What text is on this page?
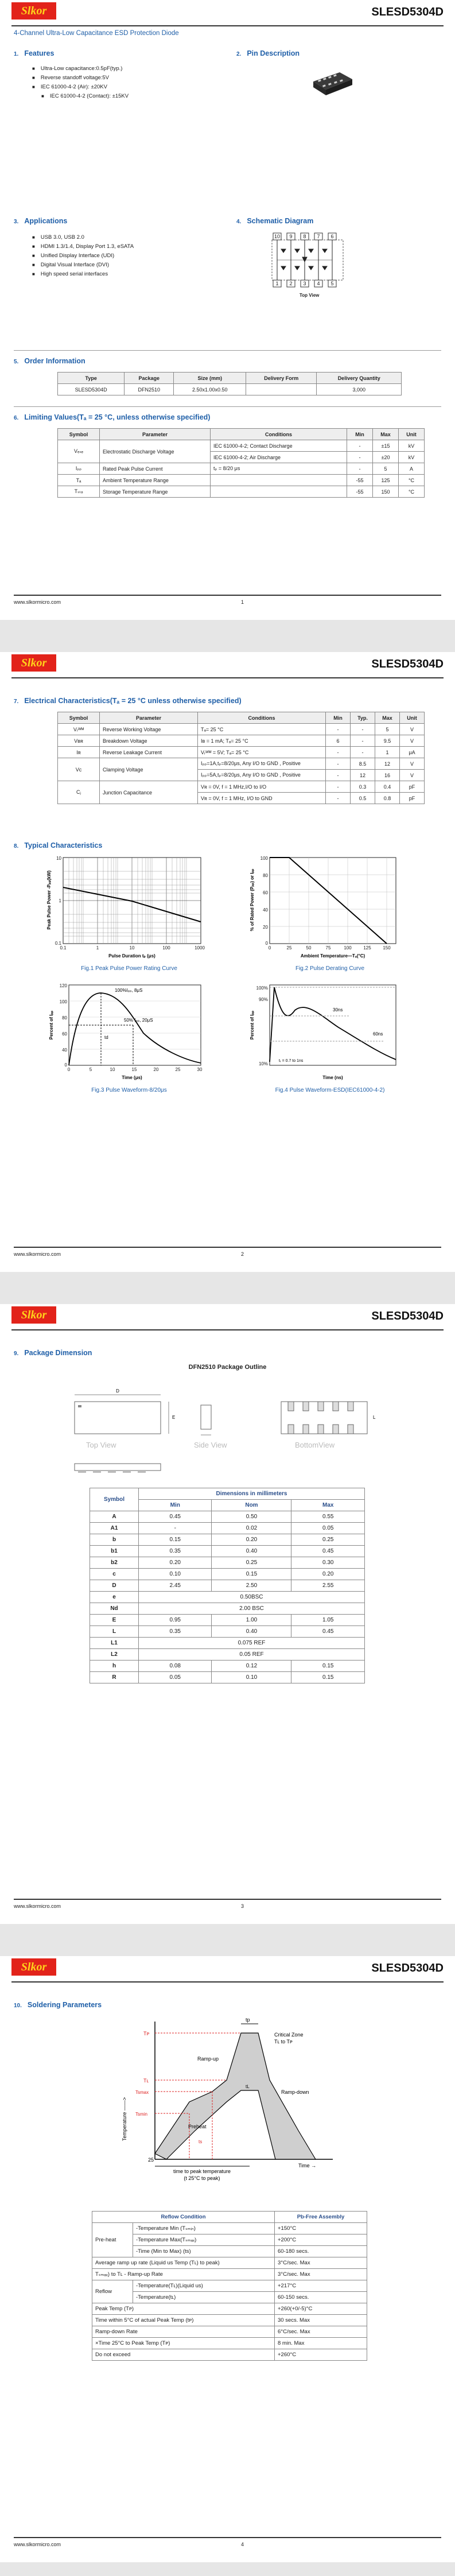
Slkor	SLESD5304D
4-Channel Ultra-Low Capacitance ESD Protection Diode
1. Features
■ Ultra-Low capacitance:0.5pF(typ.)
■ Reverse standoff voltage:5V
■ IEC 61000-4-2 (Air): ±20KV
■ IEC 61000-4-2 (Contact): ±15KV
2. Pin Description
3. Applications
■ USB 3.0, USB 2.0
■ HDMI 1.3/1.4, Display Port 1.3, eSATA
■ Unified Display Interface (UDI)
■ Digital Visual Interface (DVI)
■ High speed serial interfaces
4. Schematic Diagram
10 9 8 7 6
1 2 3 4 5
Top View
5. Order Information
Type	Package	Size (mm)	Delivery Form	Delivery Quantity
SLESD5304D	DFN2510	2.50x1.00x0.50		3,000
6. Limiting Values(Tₐ = 25 °C, unless otherwise specified)
Symbol	Parameter	Conditions	Min	Max	Unit
Vₑₛₑ	Electrostatic Discharge Voltage	IEC 61000-4-2; Contact Discharge	-	±15	kV
		IEC 61000-4-2; Air Discharge	-	±20	kV
Iₚₚ	Rated Peak Pulse Current	tₚ = 8/20 μs	-	5	A
Tₐ	Ambient Temperature Range		-55	125	°C
Tₛₜₔ	Storage Temperature Range		-55	150	°C
www.slkormicro.com	1
Slkor	SLESD5304D
7. Electrical Characteristics(Tₐ = 25 °C unless otherwise specified)
Symbol	Parameter	Conditions	Min	Typ.	Max	Unit
Vᵣᵂᴹ	Reverse Working Voltage	Tₐ= 25 °C	-	-	5	V
Vʙʀ	Breakdown Voltage	Iʙ = 1 mA; Tₐ= 25 °C	6	-	9.5	V
Iʀ	Reverse Leakage Current	Vᵣᵂᴹ = 5V; Tₐ= 25 °C	-	-	1	μA
Vᴄ	Clamping Voltage	Iₚₚ=1A,tₚ=8/20μs, Any I/O to GND , Positive	-	8.5	12	V
		Iₚₚ=5A,tₚ=8/20μs, Any I/O to GND , Positive	-	12	16	V
Cⱼ	Junction Capacitance	Vʀ = 0V, f = 1 MHz,I/O to I/O	-	0.3	0.4	pF
		Vʀ = 0V, f = 1 MHz, I/O to GND	-	0.5	0.8	pF
8. Typical Characteristics
0.1	1	10	100	1000
10
1
0.1
Pulse Duration tₚ (μs)
Peak Pulse Power -Pₚₚ(kW)
Fig.1 Peak Pulse Power Rating Curve
100
80
60
40
20
0
0	25	50	75	100	125	150
Ambient Temperature—Tₐ(°C)
% of Rated Power (Pₚₚ) or Iₚₚ
Fig.2 Pulse Derating Curve
100%Iₚₚ, 8μS
50% Iₚₚ, 20μS
td
120
100
80
60
40
0
0	5	10	15	20	25	30
Time (μs)
Percent of Iₚₚ
Fig.3 Pulse Waveform-8/20μs
30ns
60ns
tᵣ = 0.7 to 1ns
100%
90%
10%
Time (ns)
Percent of Iₚₚ
Fig.4 Pulse Waveform-ESD(IEC61000-4-2)
www.slkormicro.com	2
Slkor	SLESD5304D
9. Package Dimension
DFN2510 Package Outline
D
E	L
Top View	Side View	BottomView
Symbol	Dimensions in millimeters		
	Min	Nom	Max
A	0.45	0.50	0.55
A1	-	0.02	0.05
b	0.15	0.20	0.25
b1	0.35	0.40	0.45
b2	0.20	0.25	0.30
c	0.10	0.15	0.20
D	2.45	2.50	2.55
e	0.50BSC		
Nd	2.00 BSC		
E	0.95	1.00	1.05
L	0.35	0.40	0.45
L1	0.075 REF		
L2	0.05 REF		
h	0.08	0.12	0.15
R	0.05	0.10	0.15
www.slkormicro.com	3
Slkor	SLESD5304D
10. Soldering Parameters
tp
Tᴘ
Tʟ
Tsmax
Tsmin
Ramp-up
Ramp-down
Preheat
ts
tL
Critical Zone
Tʟ to Tᴘ
25
time to peak temperature
(t 25°C to peak)
Time →
Temperature ——>
Reflow Condition		Pb-Free Assembly
Pre-heat	-Temperature Min (Tₛₘᵢₙ)	+150°C
	-Temperature Max(Tₛₘₐₓ)	+200°C
	-Time (Min to Max) (ts)	60-180 secs.
Average ramp up rate (Liquid us Temp (Tʟ) to peak)		3°C/sec. Max
Tₛₘₐₓ) to Tʟ - Ramp-up Rate		3°C/sec. Max
Reflow	-Temperature(Tʟ)(Liquid us)	+217°C
	-Temperature(tʟ)	60-150 secs.
Peak Temp (Tᴘ)		+260(+0/-5)°C
Time within 5°C of actual Peak Temp (tᴘ)		30 secs. Max
Ramp-down Rate		6°C/sec. Max
×Time 25°C to Peak Temp (Tᴘ)		8 min. Max
Do not exceed		+260°C
www.slkormicro.com	4
